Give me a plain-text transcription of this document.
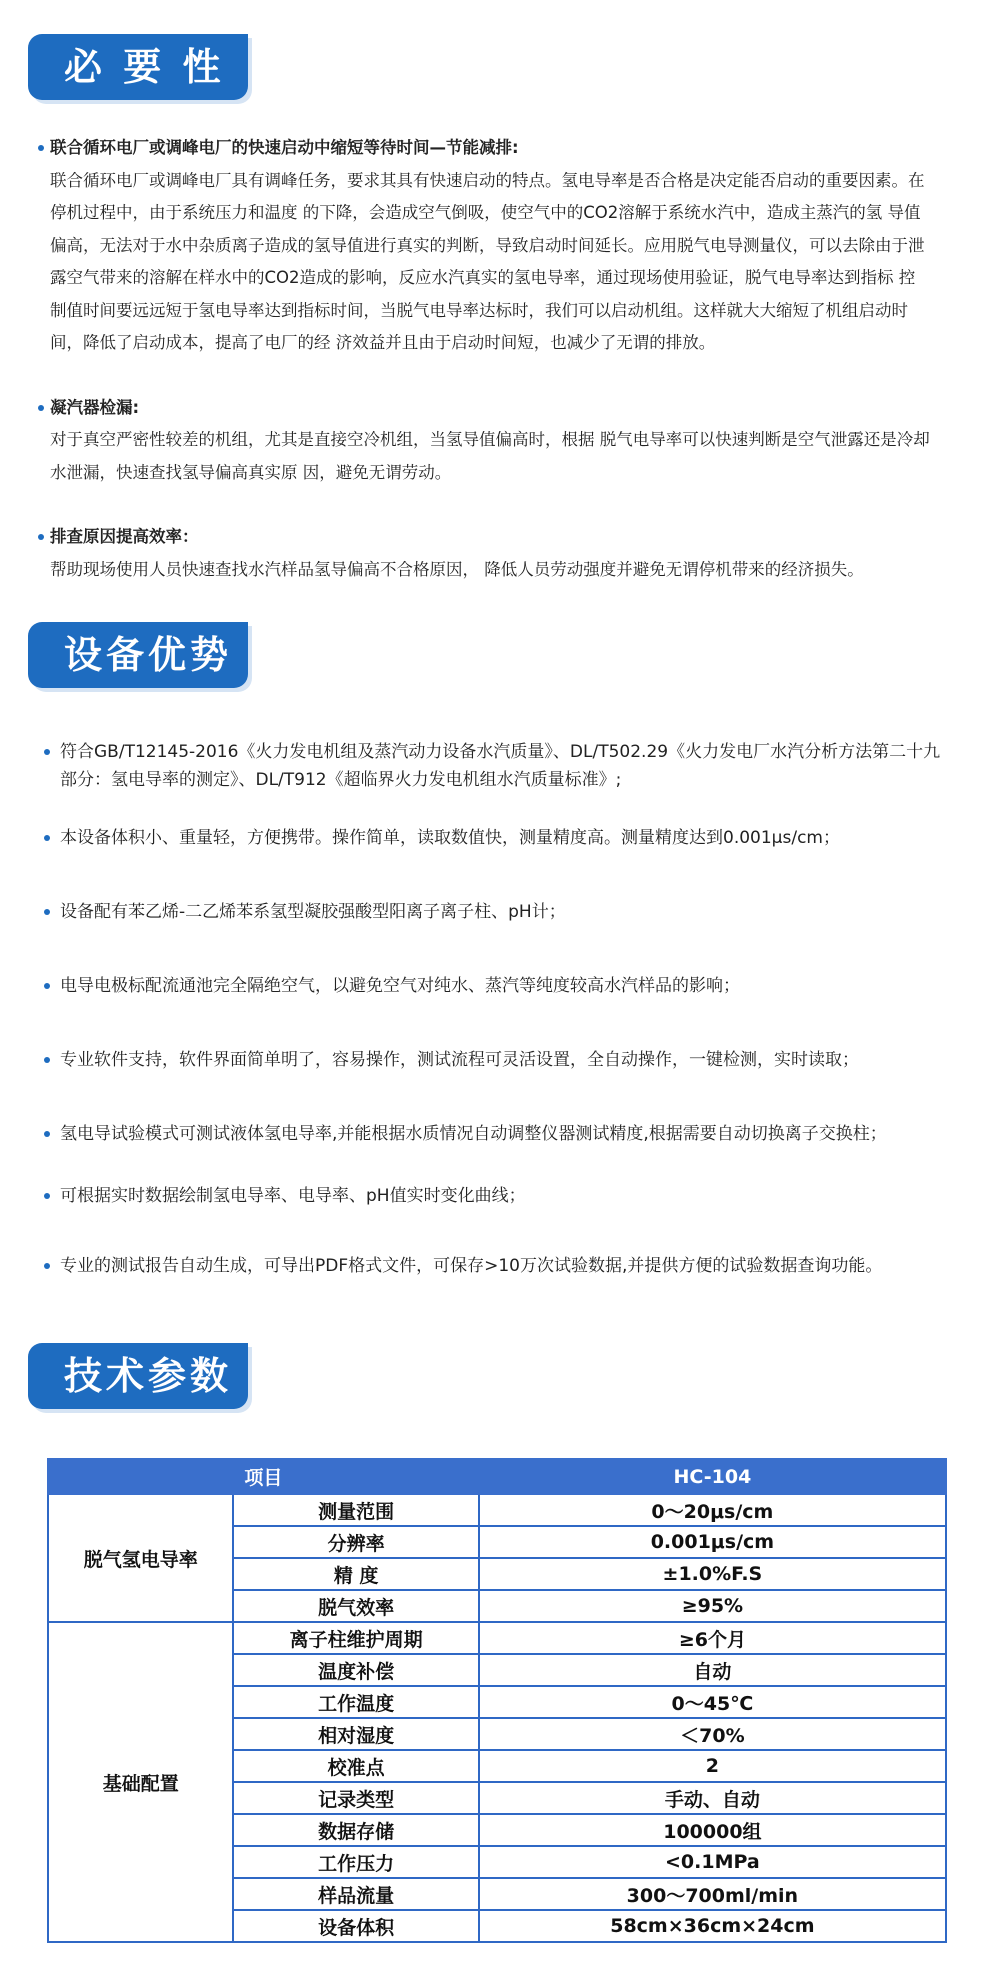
必 要 性
联合循环电厂或调峰电厂的快速启动中缩短等待时间—节能减排:
联合循环电厂或调峰电厂具有调峰任务，要求其具有快速启动的特点。氢电导率是否合格是决定能否启动的重要因素。在停机过程中，由于系统压力和温度 的下降，会造成空气倒吸，使空气中的CO2溶解于系统水汽中，造成主蒸汽的氢 导值偏高，无法对于水中杂质离子造成的氢导值进行真实的判断，导致启动时间延长。应用脱气电导测量仪，可以去除由于泄露空气带来的溶解在样水中的CO2造成的影响，反应水汽真实的氢电导率，通过现场使用验证，脱气电导率达到指标 控制值时间要远远短于氢电导率达到指标时间，当脱气电导率达标时，我们可以启动机组。这样就大大缩短了机组启动时间，降低了启动成本，提高了电厂的经 济效益并且由于启动时间短，也减少了无谓的排放。
凝汽器检漏:
对于真空严密性较差的机组，尤其是直接空冷机组，当氢导值偏高时，根据 脱气电导率可以快速判断是空气泄露还是冷却水泄漏，快速查找氢导偏高真实原 因，避免无谓劳动。
排查原因提高效率：
帮助现场使用人员快速查找水汽样品氢导偏高不合格原因， 降低人员劳动强度并避免无谓停机带来的经济损失。
设备优势
符合GB/T12145-2016《火力发电机组及蒸汽动力设备水汽质量》、DL/T502.29《火力发电厂水汽分析方法第二十九部分：氢电导率的测定》、DL/T912《超临界火力发电机组水汽质量标准》;
本设备体积小、重量轻，方便携带。操作简单，读取数值快，测量精度高。测量精度达到0.001μs/cm；
设备配有苯乙烯-二乙烯苯系氢型凝胶强酸型阳离子离子柱、pH计；
电导电极标配流通池完全隔绝空气，以避免空气对纯水、蒸汽等纯度较高水汽样品的影响；
专业软件支持，软件界面简单明了，容易操作，测试流程可灵活设置，全自动操作，一键检测，实时读取；
氢电导试验模式可测试液体氢电导率,并能根据水质情况自动调整仪器测试精度,根据需要自动切换离子交换柱；
可根据实时数据绘制氢电导率、电导率、pH值实时变化曲线；
专业的测试报告自动生成，可导出PDF格式文件，可保存>10万次试验数据,并提供方便的试验数据查询功能。
技术参数
项目		HC-104
脱气氢电导率	测量范围	0～20μs/cm
	分辨率	0.001μs/cm
	精 度	±1.0%F.S
	脱气效率	≥95%
基础配置	离子柱维护周期	≥6个月
	温度补偿	自动
	工作温度	0～45℃
	相对湿度	＜70%
	校准点	2
	记录类型	手动、自动
	数据存储	100000组
	工作压力	<0.1MPa
	样品流量	300～700ml/min
	设备体积	58cm×36cm×24cm
